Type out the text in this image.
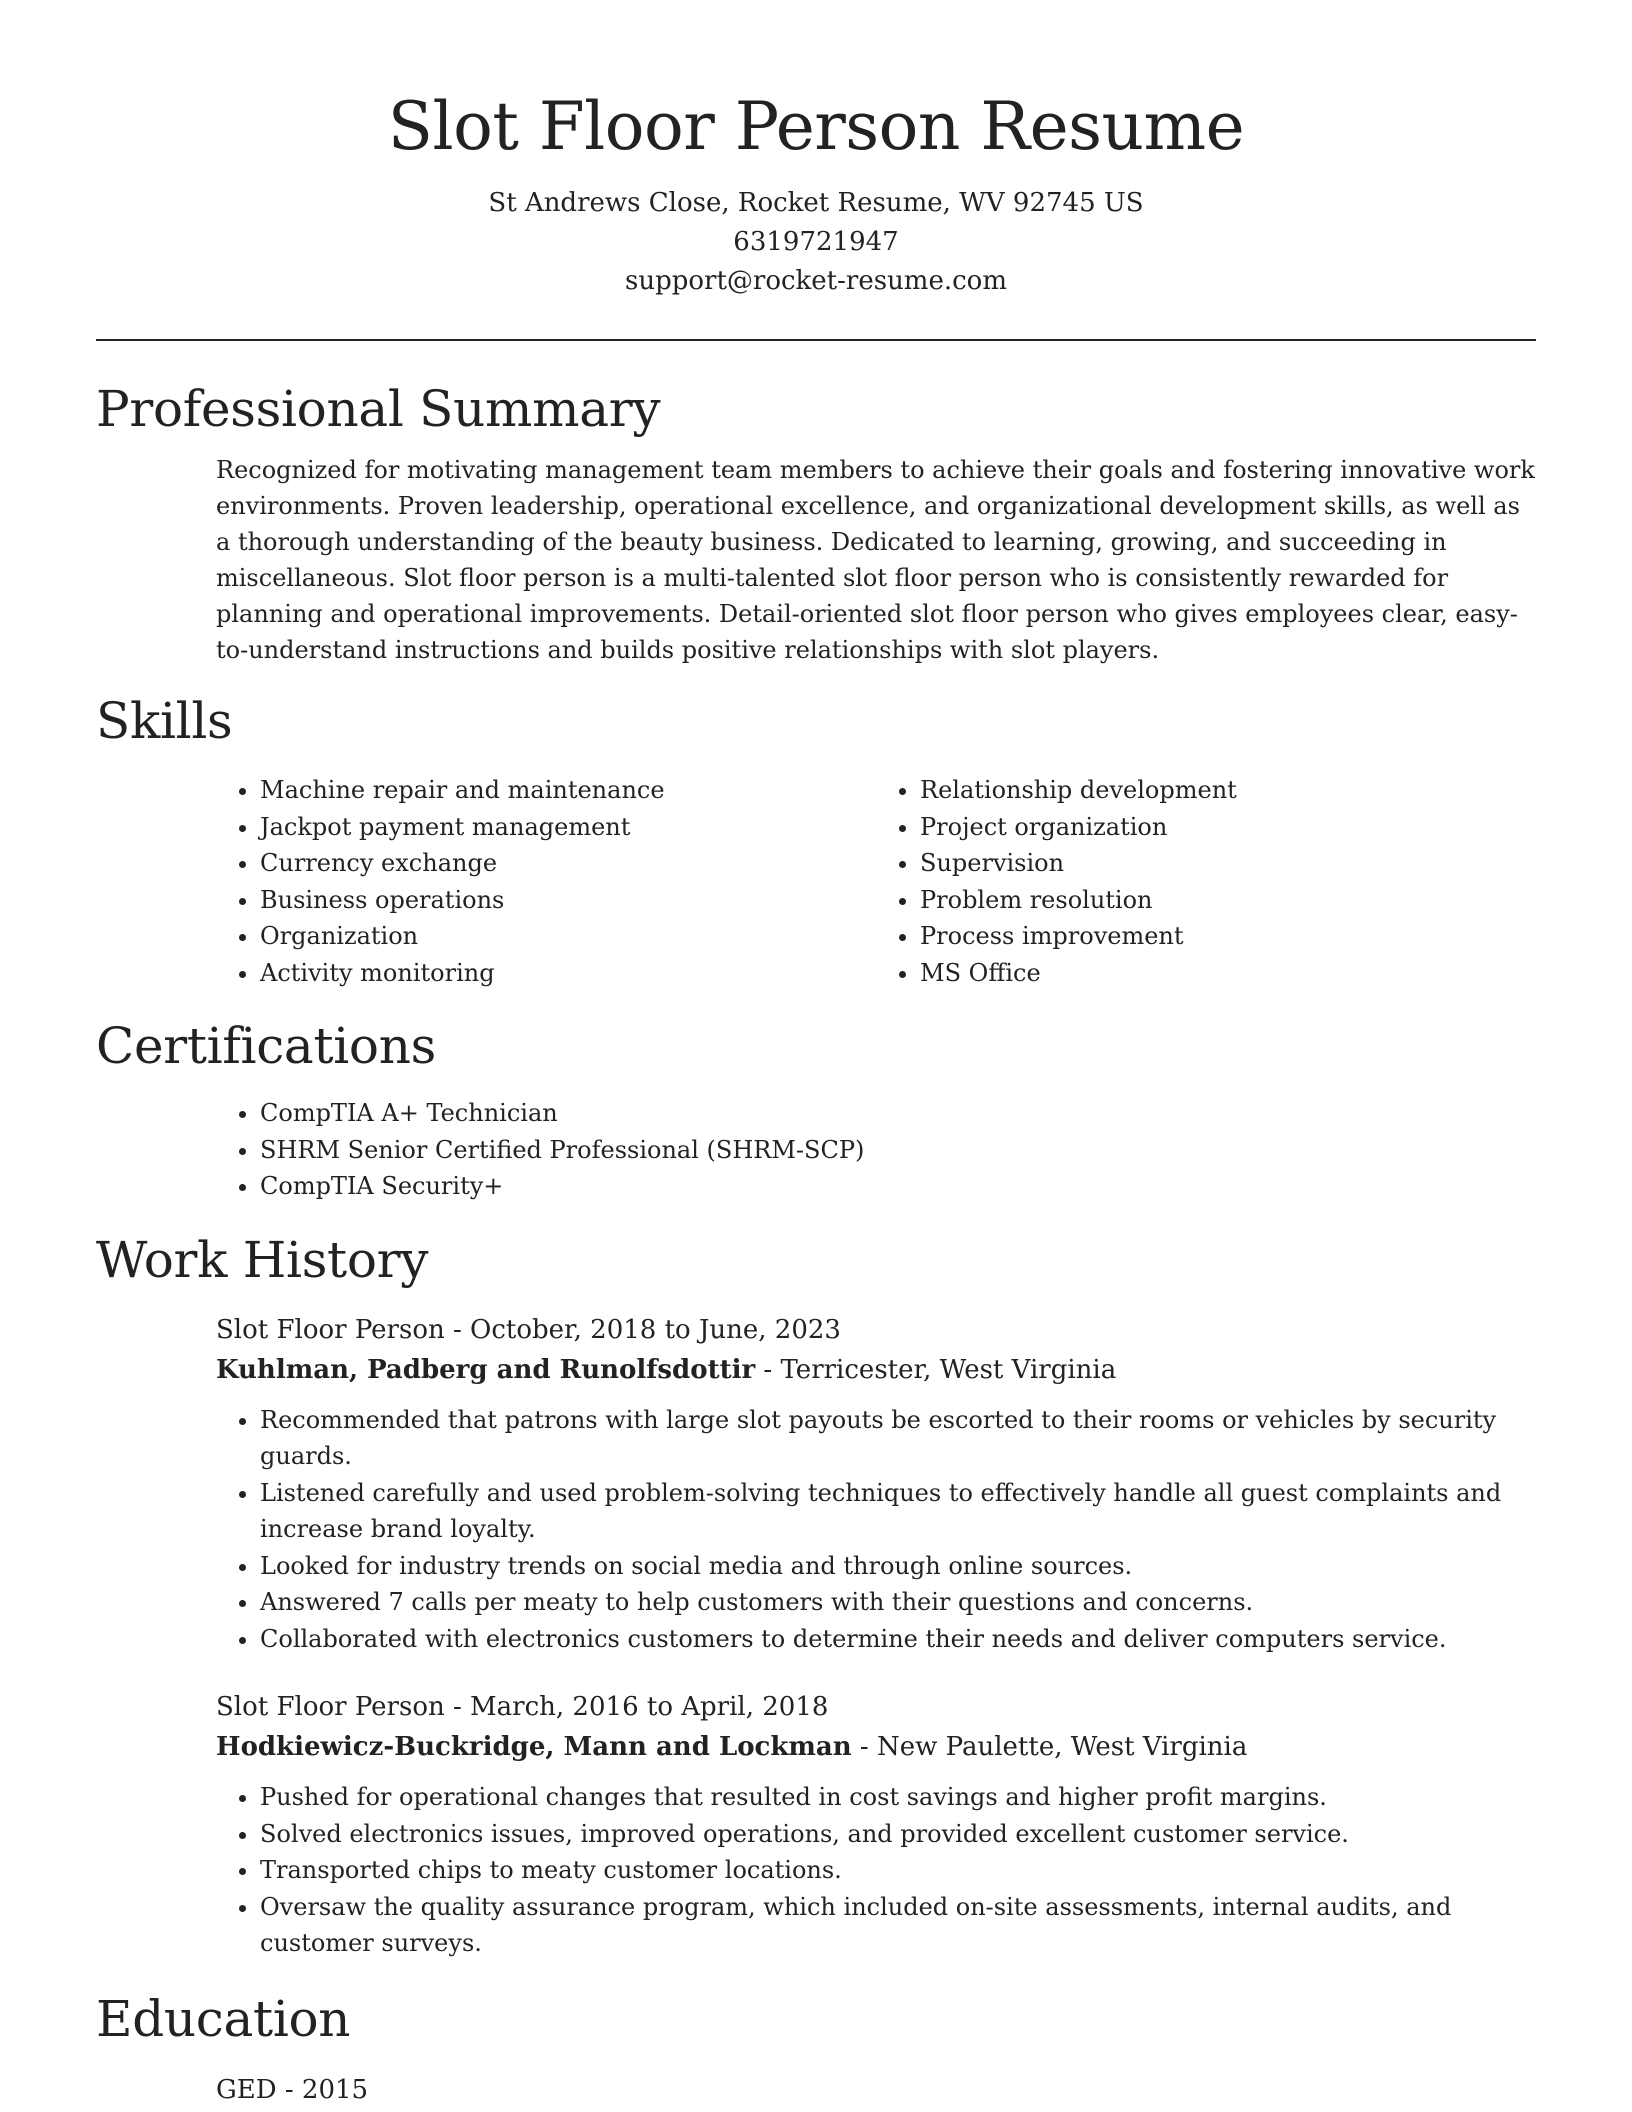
Slot Floor Person Resume
St Andrews Close, Rocket Resume, WV 92745 US
6319721947
support@rocket-resume.com
Professional Summary
Recognized for motivating management team members to achieve their goals and fostering innovative work environments. Proven leadership, operational excellence, and organizational development skills, as well as a thorough understanding of the beauty business. Dedicated to learning, growing, and succeeding in miscellaneous. Slot floor person is a multi-talented slot floor person who is consistently rewarded for planning and operational improvements. Detail-oriented slot floor person who gives employees clear, easy-to-understand instructions and builds positive relationships with slot players.
Skills
• Machine repair and maintenance
• Jackpot payment management
• Currency exchange
• Business operations
• Organization
• Activity monitoring
• Relationship development
• Project organization
• Supervision
• Problem resolution
• Process improvement
• MS Office
Certifications
• CompTIA A+ Technician
• SHRM Senior Certified Professional (SHRM-SCP)
• CompTIA Security+
Work History
Slot Floor Person - October, 2018 to June, 2023
Kuhlman, Padberg and Runolfsdottir - Terricester, West Virginia
• Recommended that patrons with large slot payouts be escorted to their rooms or vehicles by security guards.
• Listened carefully and used problem-solving techniques to effectively handle all guest complaints and increase brand loyalty.
• Looked for industry trends on social media and through online sources.
• Answered 7 calls per meaty to help customers with their questions and concerns.
• Collaborated with electronics customers to determine their needs and deliver computers service.
Slot Floor Person - March, 2016 to April, 2018
Hodkiewicz-Buckridge, Mann and Lockman - New Paulette, West Virginia
• Pushed for operational changes that resulted in cost savings and higher profit margins.
• Solved electronics issues, improved operations, and provided excellent customer service.
• Transported chips to meaty customer locations.
• Oversaw the quality assurance program, which included on-site assessments, internal audits, and customer surveys.
Education
GED - 2015
